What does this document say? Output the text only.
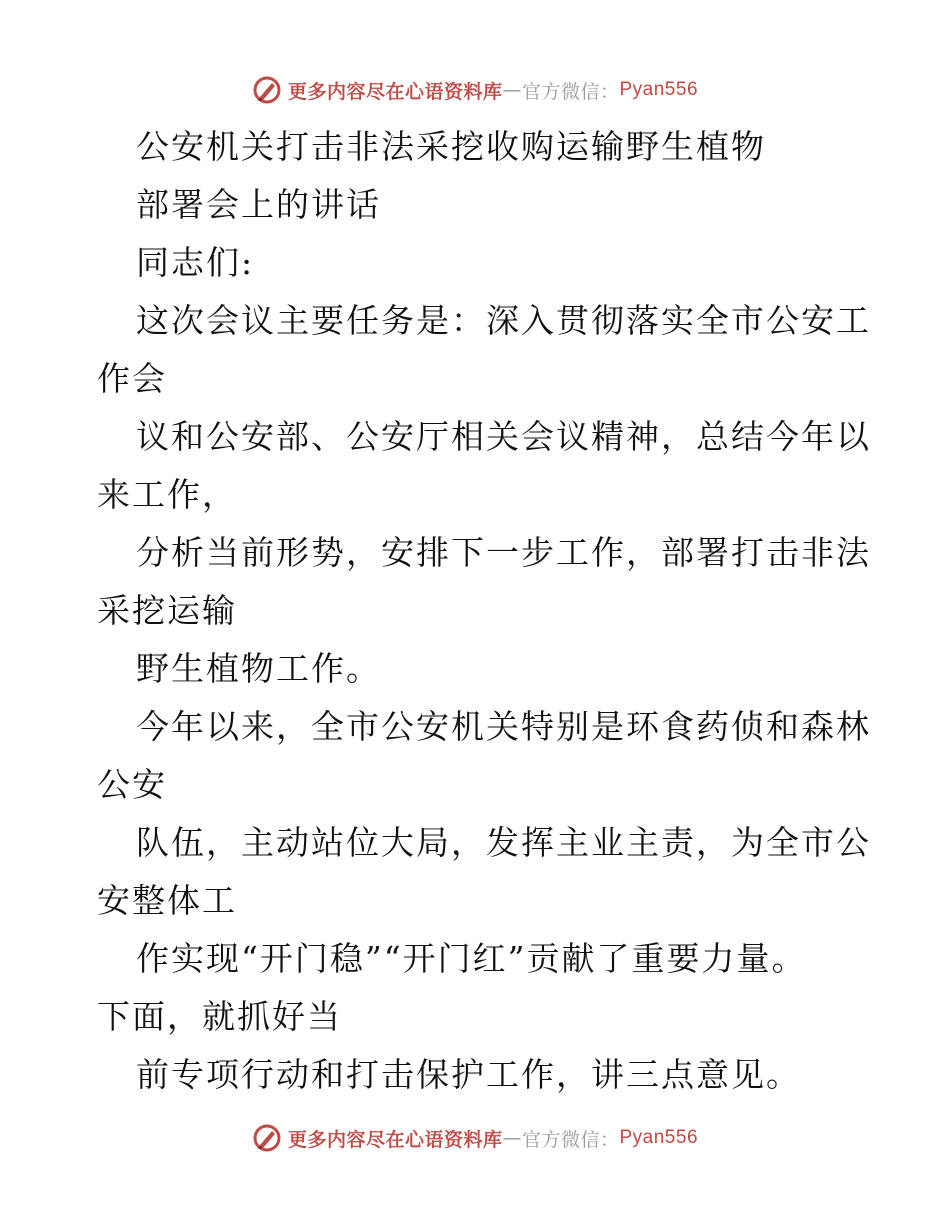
更多内容尽在心语资料库 — 官方微信： Pyan556
公安机关打击非法采挖收购运输野生植物
部署会上的讲话
同志们:
这次会议主要任务是：深入贯彻落实全市公安工
作会
议和公安部、公安厅相关会议精神，总结今年以
来工作，
分析当前形势，安排下一步工作，部署打击非法
采挖运输
野生植物工作。
今年以来，全市公安机关特别是环食药侦和森林
公安
队伍，主动站位大局，发挥主业主责，为全市公
安整体工
作实现“开门稳”“开门红”贡献了重要力量。
下面，就抓好当
前专项行动和打击保护工作，讲三点意见。
更多内容尽在心语资料库 — 官方微信： Pyan556
